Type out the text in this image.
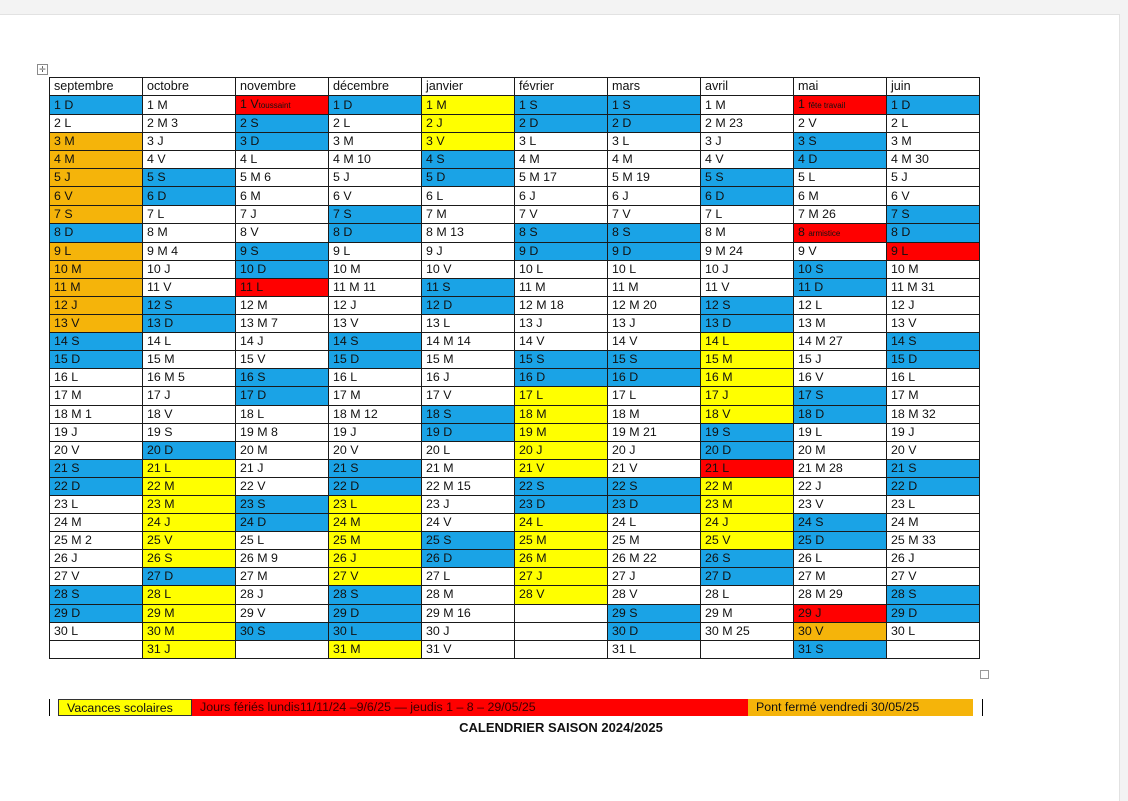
✛
septembre	octobre	novembre	décembre	janvier	février	mars	avril	mai	juin
1 D	1 M	1 Vtoussaint	1 D	1 M	1 S	1 S	1 M	1 fête travail	1 D
2 L	2 M 3	2 S	2 L	2 J	2 D	2 D	2 M 23	2 V	2 L
3 M	3 J	3 D	3 M	3 V	3 L	3 L	3 J	3 S	3 M
4 M	4 V	4 L	4 M 10	4 S	4 M	4 M	4 V	4 D	4 M 30
5 J	5 S	5 M 6	5 J	5 D	5 M 17	5 M 19	5 S	5 L	5 J
6 V	6 D	6 M	6 V	6 L	6 J	6 J	6 D	6 M	6 V
7 S	7 L	7 J	7 S	7 M	7 V	7 V	7 L	7 M 26	7 S
8 D	8 M	8 V	8 D	8 M 13	8 S	8 S	8 M	8 armistice	8 D
9 L	9 M 4	9 S	9 L	9 J	9 D	9 D	9 M 24	9 V	9 L
10 M	10 J	10 D	10 M	10 V	10 L	10 L	10 J	10 S	10 M
11 M	11 V	11 L	11 M 11	11 S	11 M	11 M	11 V	11 D	11 M 31
12 J	12 S	12 M	12 J	12 D	12 M 18	12 M 20	12 S	12 L	12 J
13 V	13 D	13 M 7	13 V	13 L	13 J	13 J	13 D	13 M	13 V
14 S	14 L	14 J	14 S	14 M 14	14 V	14 V	14 L	14 M 27	14 S
15 D	15 M	15 V	15 D	15 M	15 S	15 S	15 M	15 J	15 D
16 L	16 M 5	16 S	16 L	16 J	16 D	16 D	16 M	16 V	16 L
17 M	17 J	17 D	17 M	17 V	17 L	17 L	17 J	17 S	17 M
18 M 1	18 V	18 L	18 M 12	18 S	18 M	18 M	18 V	18 D	18 M 32
19 J	19 S	19 M 8	19 J	19 D	19 M	19 M 21	19 S	19 L	19 J
20 V	20 D	20 M	20 V	20 L	20 J	20 J	20 D	20 M	20 V
21 S	21 L	21 J	21 S	21 M	21 V	21 V	21 L	21 M 28	21 S
22 D	22 M	22 V	22 D	22 M 15	22 S	22 S	22 M	22 J	22 D
23 L	23 M	23 S	23 L	23 J	23 D	23 D	23 M	23 V	23 L
24 M	24 J	24 D	24 M	24 V	24 L	24 L	24 J	24 S	24 M
25 M 2	25 V	25 L	25 M	25 S	25 M	25 M	25 V	25 D	25 M 33
26 J	26 S	26 M 9	26 J	26 D	26 M	26 M 22	26 S	26 L	26 J
27 V	27 D	27 M	27 V	27 L	27 J	27 J	27 D	27 M	27 V
28 S	28 L	28 J	28 S	28 M	28 V	28 V	28 L	28 M 29	28 S
29 D	29 M	29 V	29 D	29 M 16		29 S	29 M	29 J	29 D
30 L	30 M	30 S	30 L	30 J		30 D	30 M 25	30 V	30 L
	31 J		31 M	31 V		31 L		31 S	
Vacances scolaires	Jours fériés lundis11/11/24 –9/6/25 — jeudis 1 – 8 – 29/05/25	Pont fermé vendredi 30/05/25
CALENDRIER SAISON 2024/2025
